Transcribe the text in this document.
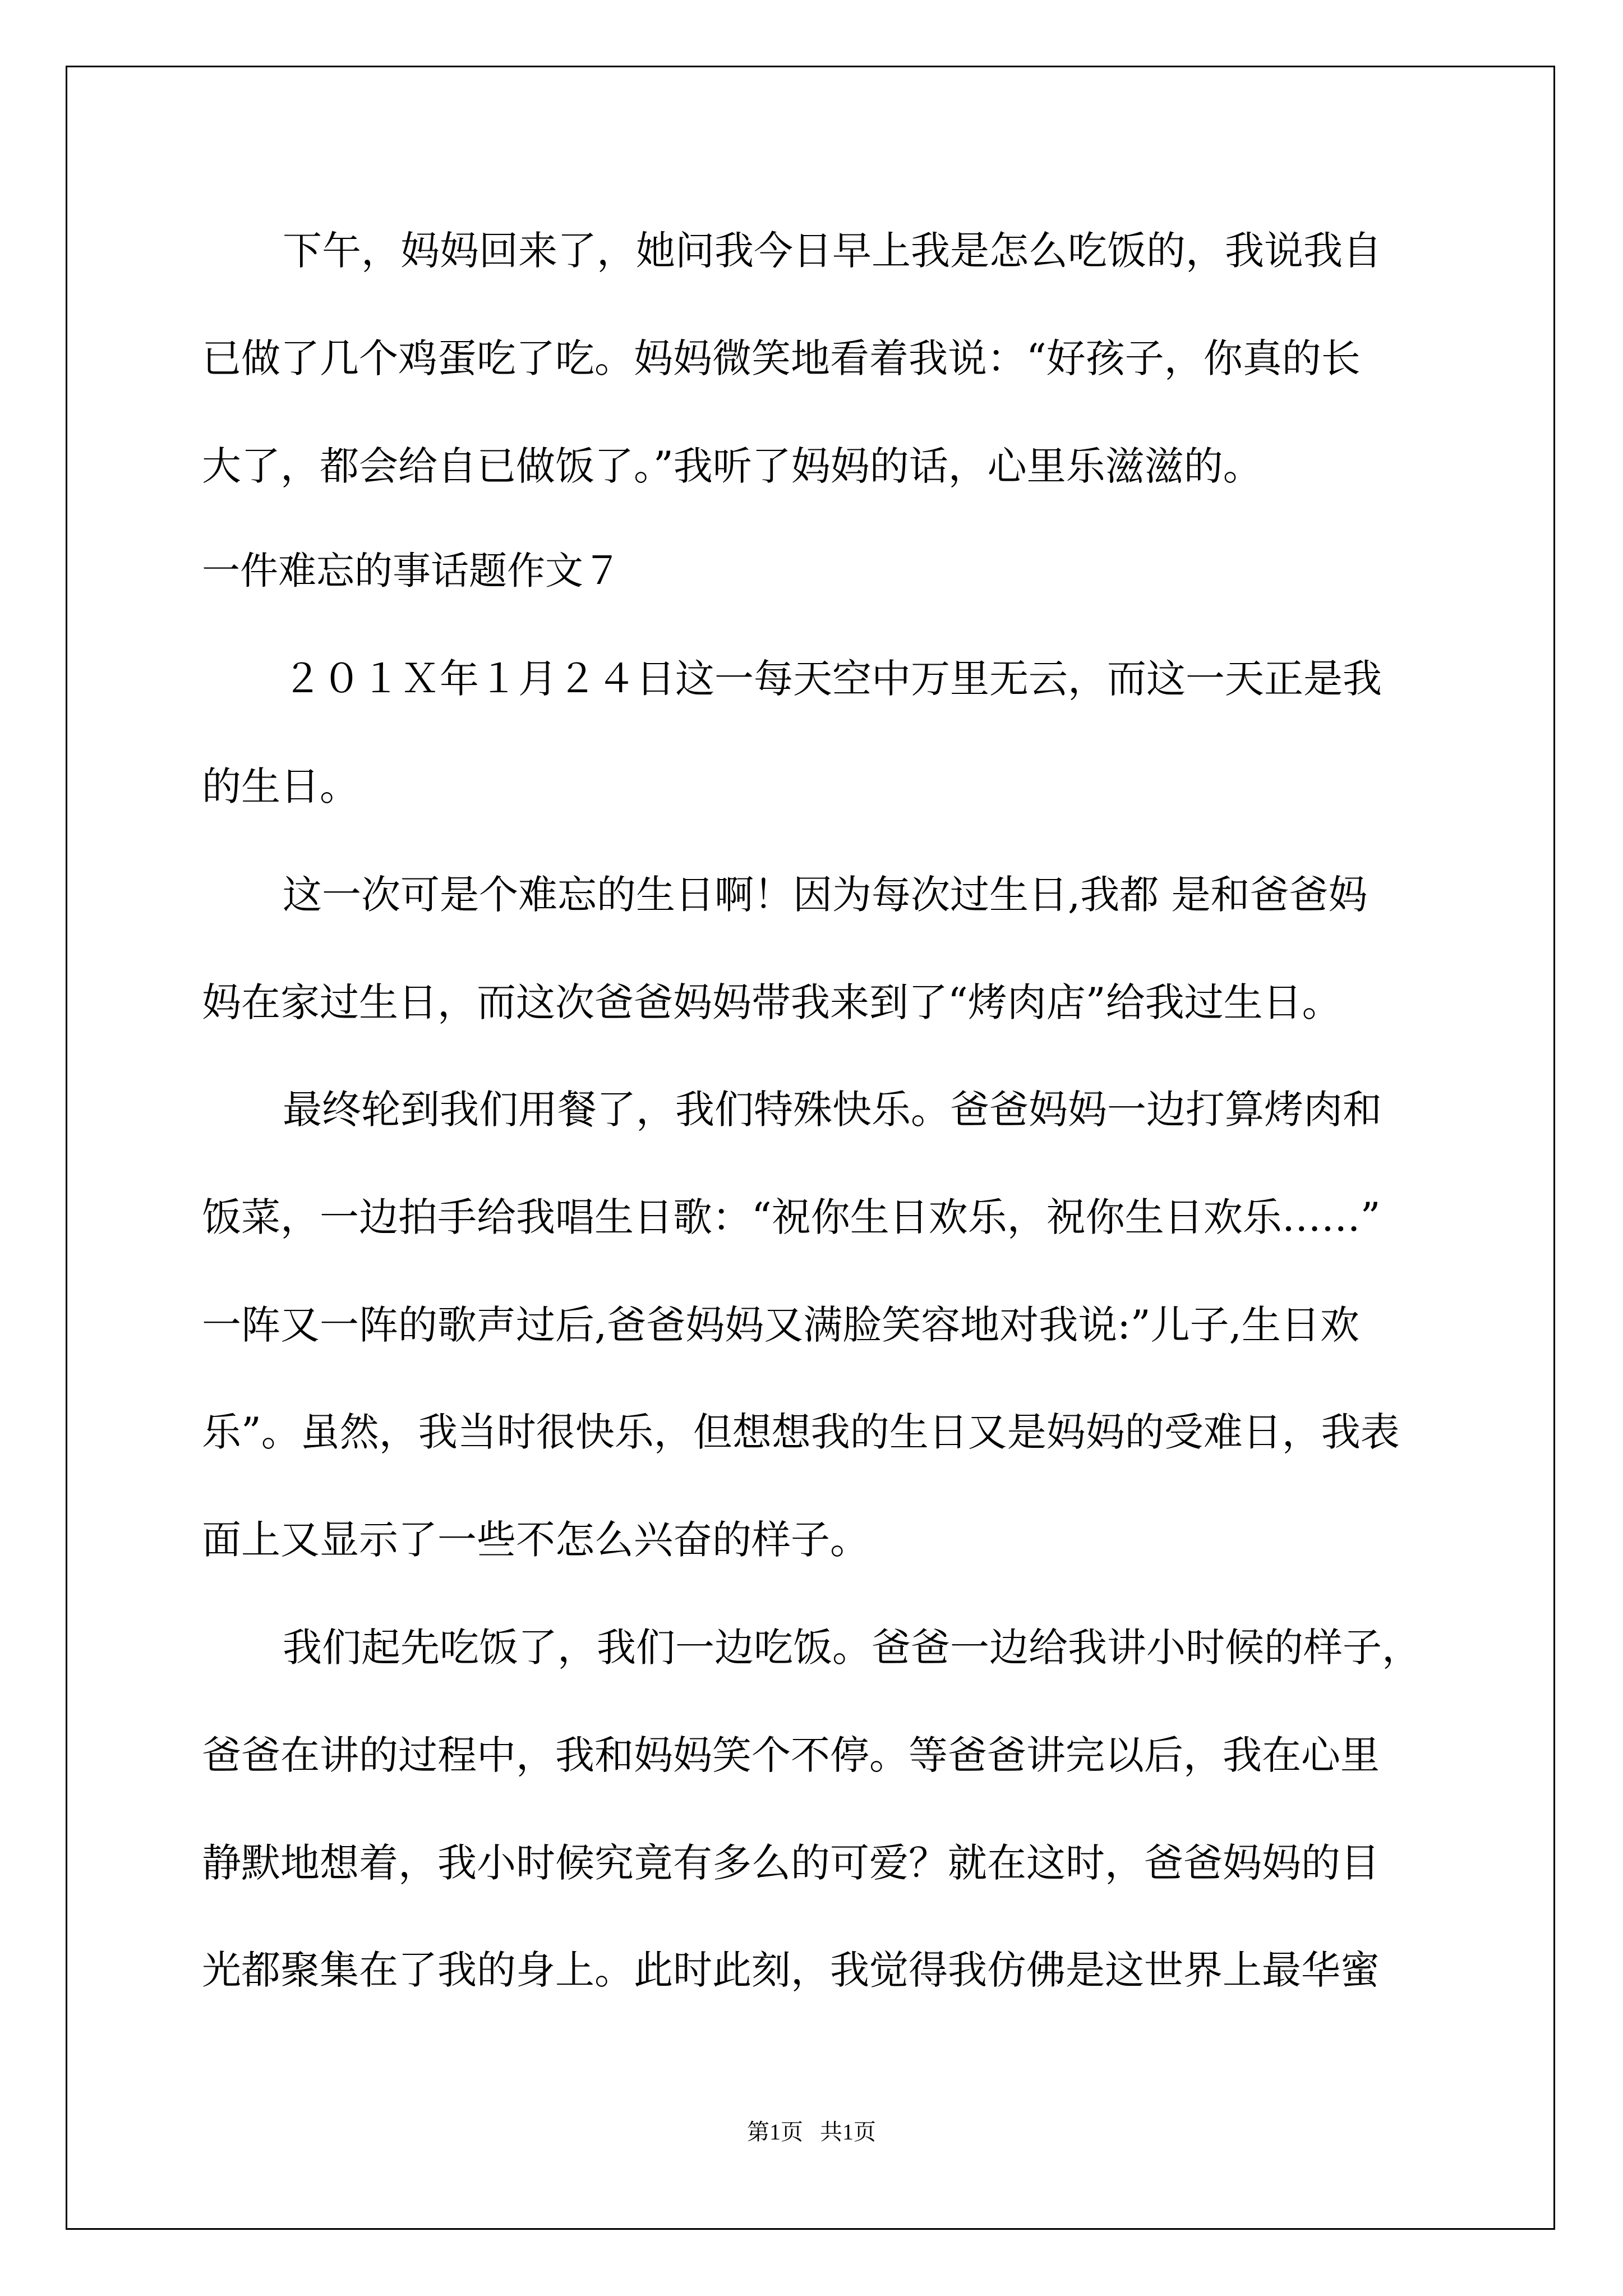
下午，妈妈回来了，她问我今日早上我是怎么吃饭的，我说我自

已做了几个鸡蛋吃了吃。妈妈微笑地看着我说：“好孩子，你真的长

大了，都会给自已做饭了。”我听了妈妈的话，心里乐滋滋的。

一件难忘的事话题作文７

２０１Ｘ年１月２４日这一每天空中万里无云，而这一天正是我

的生日。

这一次可是个难忘的生日啊！因为每次过生日,我都 是和爸爸妈

妈在家过生日，而这次爸爸妈妈带我来到了“烤肉店”给我过生日。

最终轮到我们用餐了，我们特殊快乐。爸爸妈妈一边打算烤肉和

饭菜，一边拍手给我唱生日歌：“祝你生日欢乐，祝你生日欢乐……”

一阵又一阵的歌声过后,爸爸妈妈又满脸笑容地对我说:”儿子,生日欢

乐”。虽然，我当时很快乐，但想想我的生日又是妈妈的受难日，我表

面上又显示了一些不怎么兴奋的样子。

我们起先吃饭了，我们一边吃饭。爸爸一边给我讲小时候的样子，

爸爸在讲的过程中，我和妈妈笑个不停。等爸爸讲完以后，我在心里

静默地想着，我小时候究竟有多么的可爱？就在这时，爸爸妈妈的目

光都聚集在了我的身上。此时此刻，我觉得我仿佛是这世界上最华蜜

第1页   共1页
